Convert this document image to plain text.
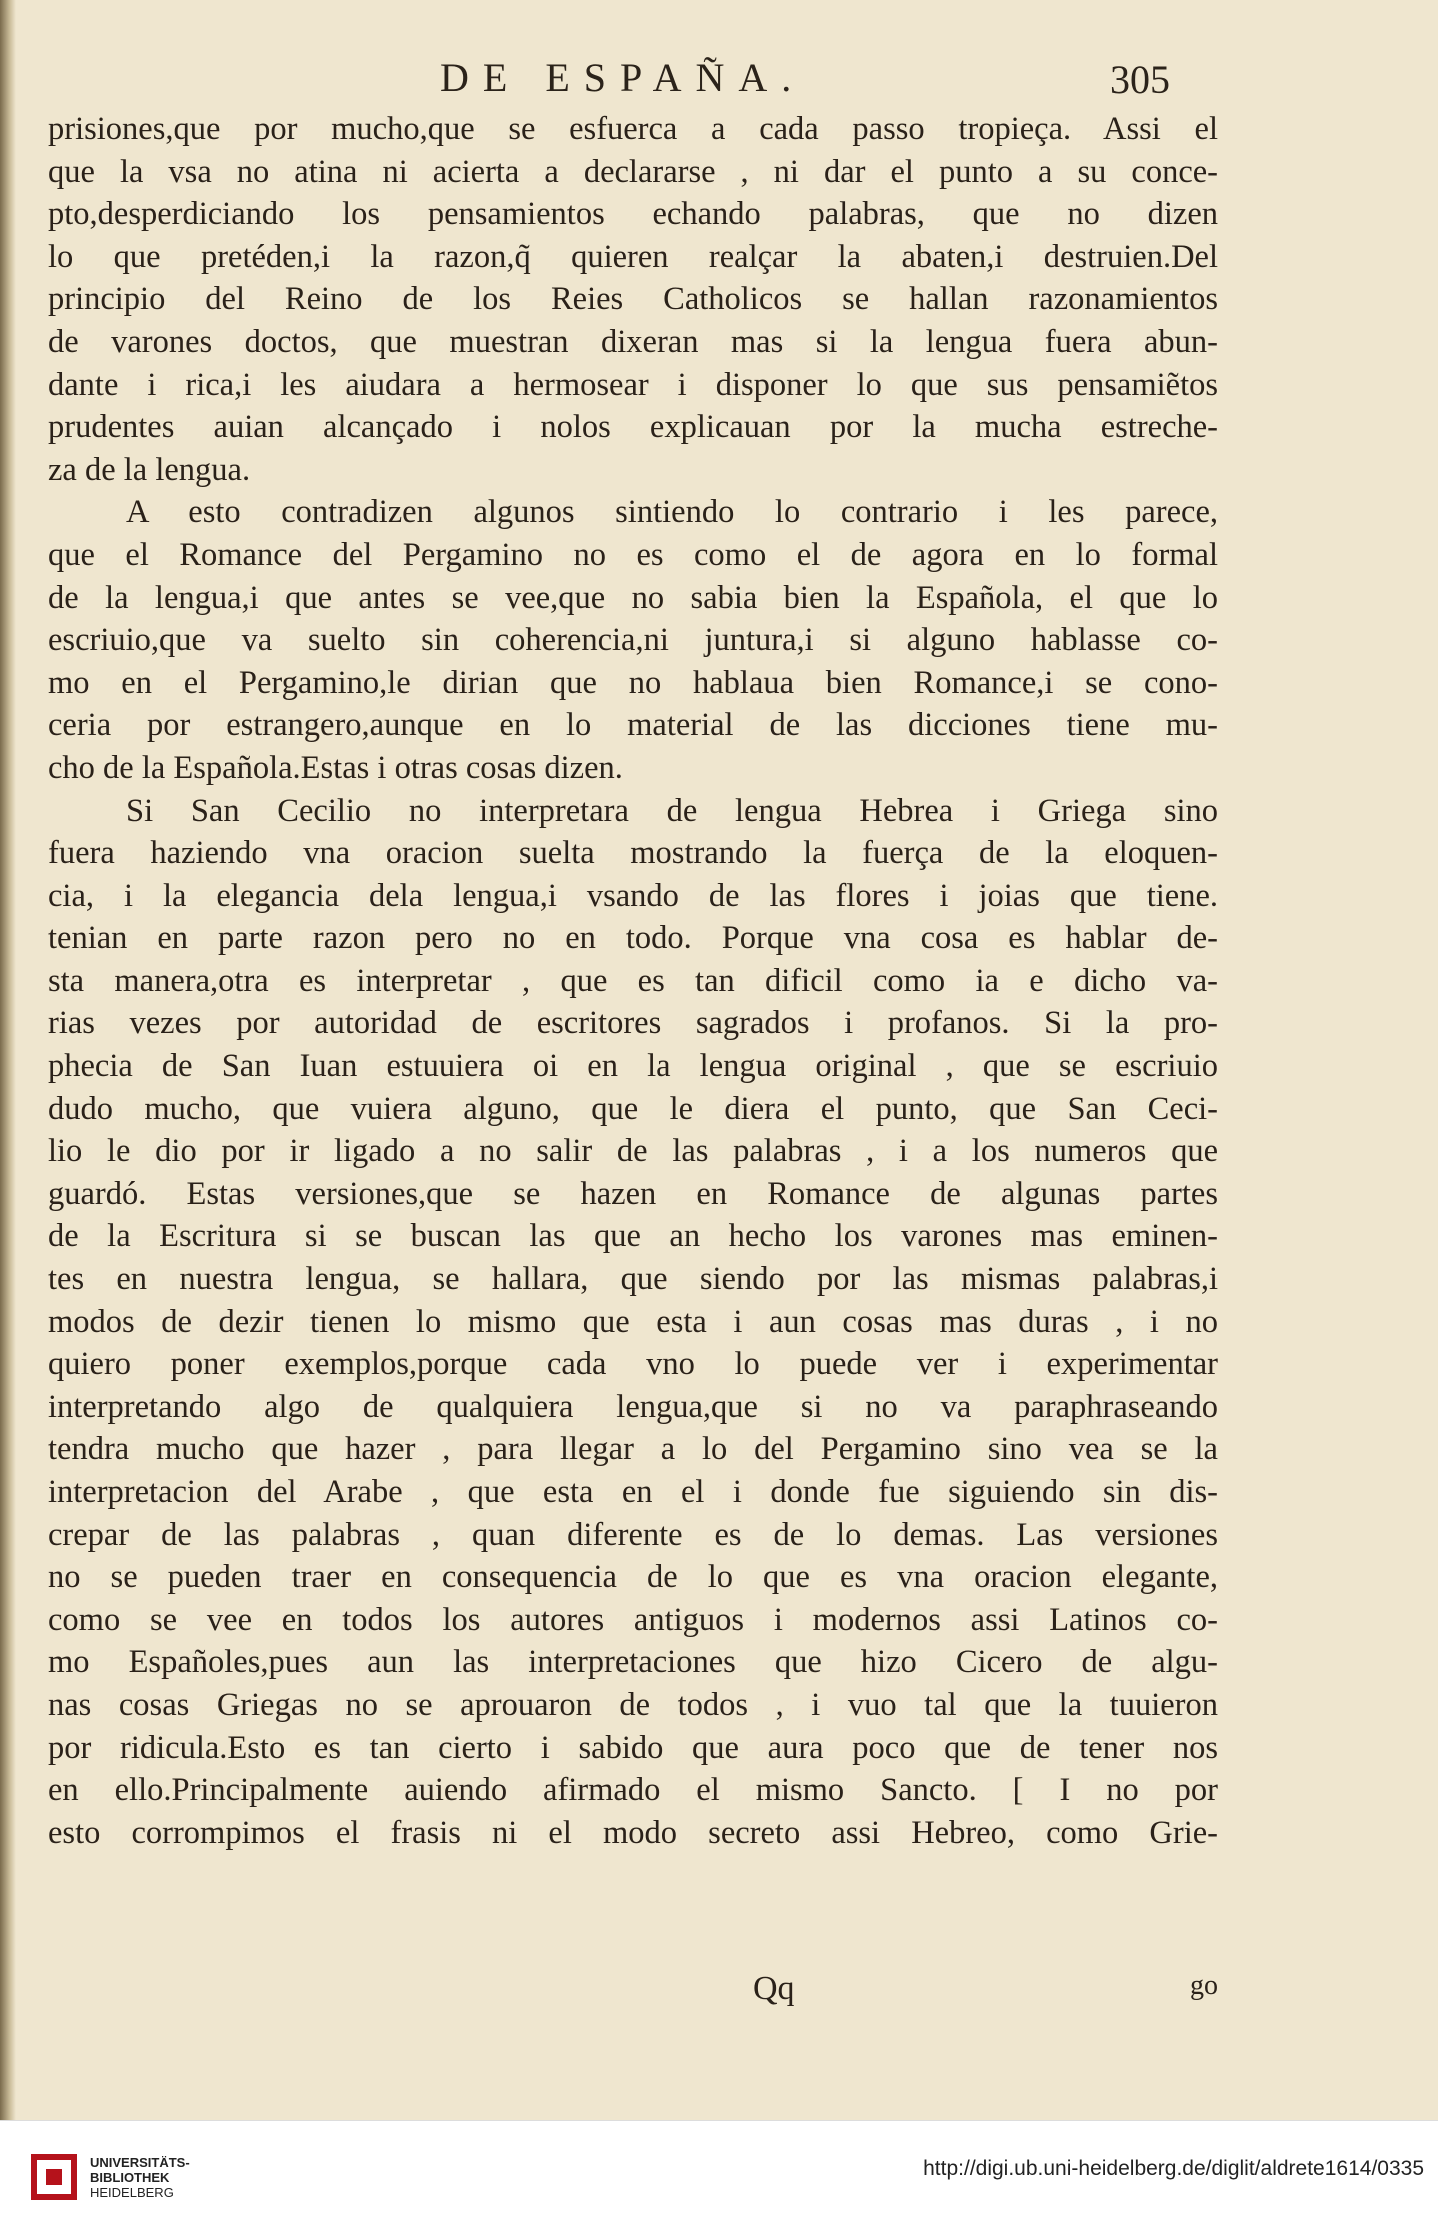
DE ESPAÑA.	305
prisiones,que por mucho,que se esfuerca a cada passo tropieça. Assi el
que la vsa no atina ni acierta a declararse , ni dar el punto a su conce-
pto,desperdiciando los pensamientos echando palabras, que no dizen
lo que pretéden,i la razon,q̃ quieren realçar la abaten,i destruien.Del
principio del Reino de los Reies Catholicos se hallan razonamientos
de varones doctos, que muestran dixeran mas si la lengua fuera abun-
dante i rica,i les aiudara a hermosear i disponer lo que sus pensamiẽtos
prudentes auian alcançado i nolos explicauan por la mucha estreche-
za de la lengua.
A esto contradizen algunos sintiendo lo contrario i les parece,
que el Romance del Pergamino no es como el de agora en lo formal
de la lengua,i que antes se vee,que no sabia bien la Española, el que lo
escriuio,que va suelto sin coherencia,ni juntura,i si alguno hablasse co-
mo en el Pergamino,le dirian que no hablaua bien Romance,i se cono-
ceria por estrangero,aunque en lo material de las dicciones tiene mu-
cho de la Española.Estas i otras cosas dizen.
Si San Cecilio no interpretara de lengua Hebrea i Griega sino
fuera haziendo vna oracion suelta mostrando la fuerça de la eloquen-
cia, i la elegancia dela lengua,i vsando de las flores i joias que tiene.
tenian en parte razon pero no en todo. Porque vna cosa es hablar de-
sta manera,otra es interpretar , que es tan dificil como ia e dicho va-
rias vezes por autoridad de escritores sagrados i profanos. Si la pro-
phecia de San Iuan estuuiera oi en la lengua original , que se escriuio
dudo mucho, que vuiera alguno, que le diera el punto, que San Ceci-
lio le dio por ir ligado a no salir de las palabras , i a los numeros que
guardó. Estas versiones,que se hazen en Romance de algunas partes
de la Escritura si se buscan las que an hecho los varones mas eminen-
tes en nuestra lengua, se hallara, que siendo por las mismas palabras,i
modos de dezir tienen lo mismo que esta i aun cosas mas duras , i no
quiero poner exemplos,porque cada vno lo puede ver i experimentar
interpretando algo de qualquiera lengua,que si no va paraphraseando
tendra mucho que hazer , para llegar a lo del Pergamino sino vea se la
interpretacion del Arabe , que esta en el i donde fue siguiendo sin dis-
crepar de las palabras , quan diferente es de lo demas. Las versiones
no se pueden traer en consequencia de lo que es vna oracion elegante,
como se vee en todos los autores antiguos i modernos assi Latinos co-
mo Españoles,pues aun las interpretaciones que hizo Cicero de algu-
nas cosas Griegas no se aprouaron de todos , i vuo tal que la tuuieron
por ridicula.Esto es tan cierto i sabido que aura poco que de tener nos
en ello.Principalmente auiendo afirmado el mismo Sancto. [ I no por
esto corrompimos el frasis ni el modo secreto assi Hebreo, como Grie-
Qq	go
UNIVERSITÄTS-
BIBLIOTHEK
HEIDELBERG
http://digi.ub.uni-heidelberg.de/diglit/aldrete1614/0335
